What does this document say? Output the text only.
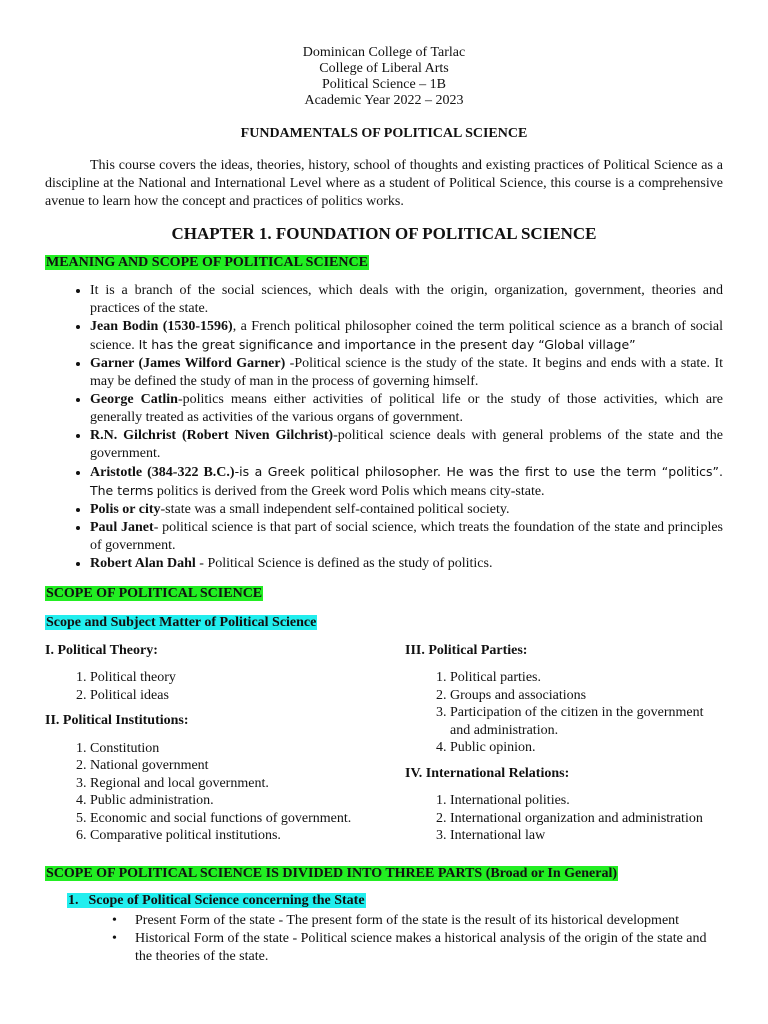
Dominican College of Tarlac
College of Liberal Arts
Political Science – 1B
Academic Year 2022 – 2023
FUNDAMENTALS OF POLITICAL SCIENCE

This course covers the ideas, theories, history, school of thoughts and existing practices of Political Science as a discipline at the National and International Level where as a student of Political Science, this course is a comprehensive avenue to learn how the concept and practices of politics works.

CHAPTER 1. FOUNDATION OF POLITICAL SCIENCE
MEANING AND SCOPE OF POLITICAL SCIENCE
• It is a branch of the social sciences, which deals with the origin, organization, government, theories and practices of the state.
• Jean Bodin (1530-1596), a French political philosopher coined the term political science as a branch of social science. It has the great significance and importance in the present day “Global village”
• Garner (James Wilford Garner) -Political science is the study of the state. It begins and ends with a state. It may be defined the study of man in the process of governing himself.
• George Catlin-politics means either activities of political life or the study of those activities, which are generally treated as activities of the various organs of government.
• R.N. Gilchrist (Robert Niven Gilchrist)-political science deals with general problems of the state and the government.
• Aristotle (384-322 B.C.)-is a Greek political philosopher. He was the first to use the term “politics”. The terms politics is derived from the Greek word Polis which means city-state.
• Polis or city-state was a small independent self-contained political society.
• Paul Janet- political science is that part of social science, which treats the foundation of the state and principles of government.
• Robert Alan Dahl - Political Science is defined as the study of politics.
SCOPE OF POLITICAL SCIENCE
Scope and Subject Matter of Political Science

I. Political Theory:

1. Political theory
2. Political ideas

II. Political Institutions:

1. Constitution
2. National government
3. Regional and local government.
4. Public administration.
5. Economic and social functions of government.
6. Comparative political institutions.

III. Political Parties:

1. Political parties.
2. Groups and associations
3. Participation of the citizen in the government and administration.
4. Public opinion.

IV. International Relations:

1. International polities.
2. International organization and administration
3. International law
SCOPE OF POLITICAL SCIENCE IS DIVIDED INTO THREE PARTS (Broad or In General)
1. Scope of Political Science concerning the State
• Present Form of the state - The present form of the state is the result of its historical development
• Historical Form of the state - Political science makes a historical analysis of the origin of the state and the theories of the state.
